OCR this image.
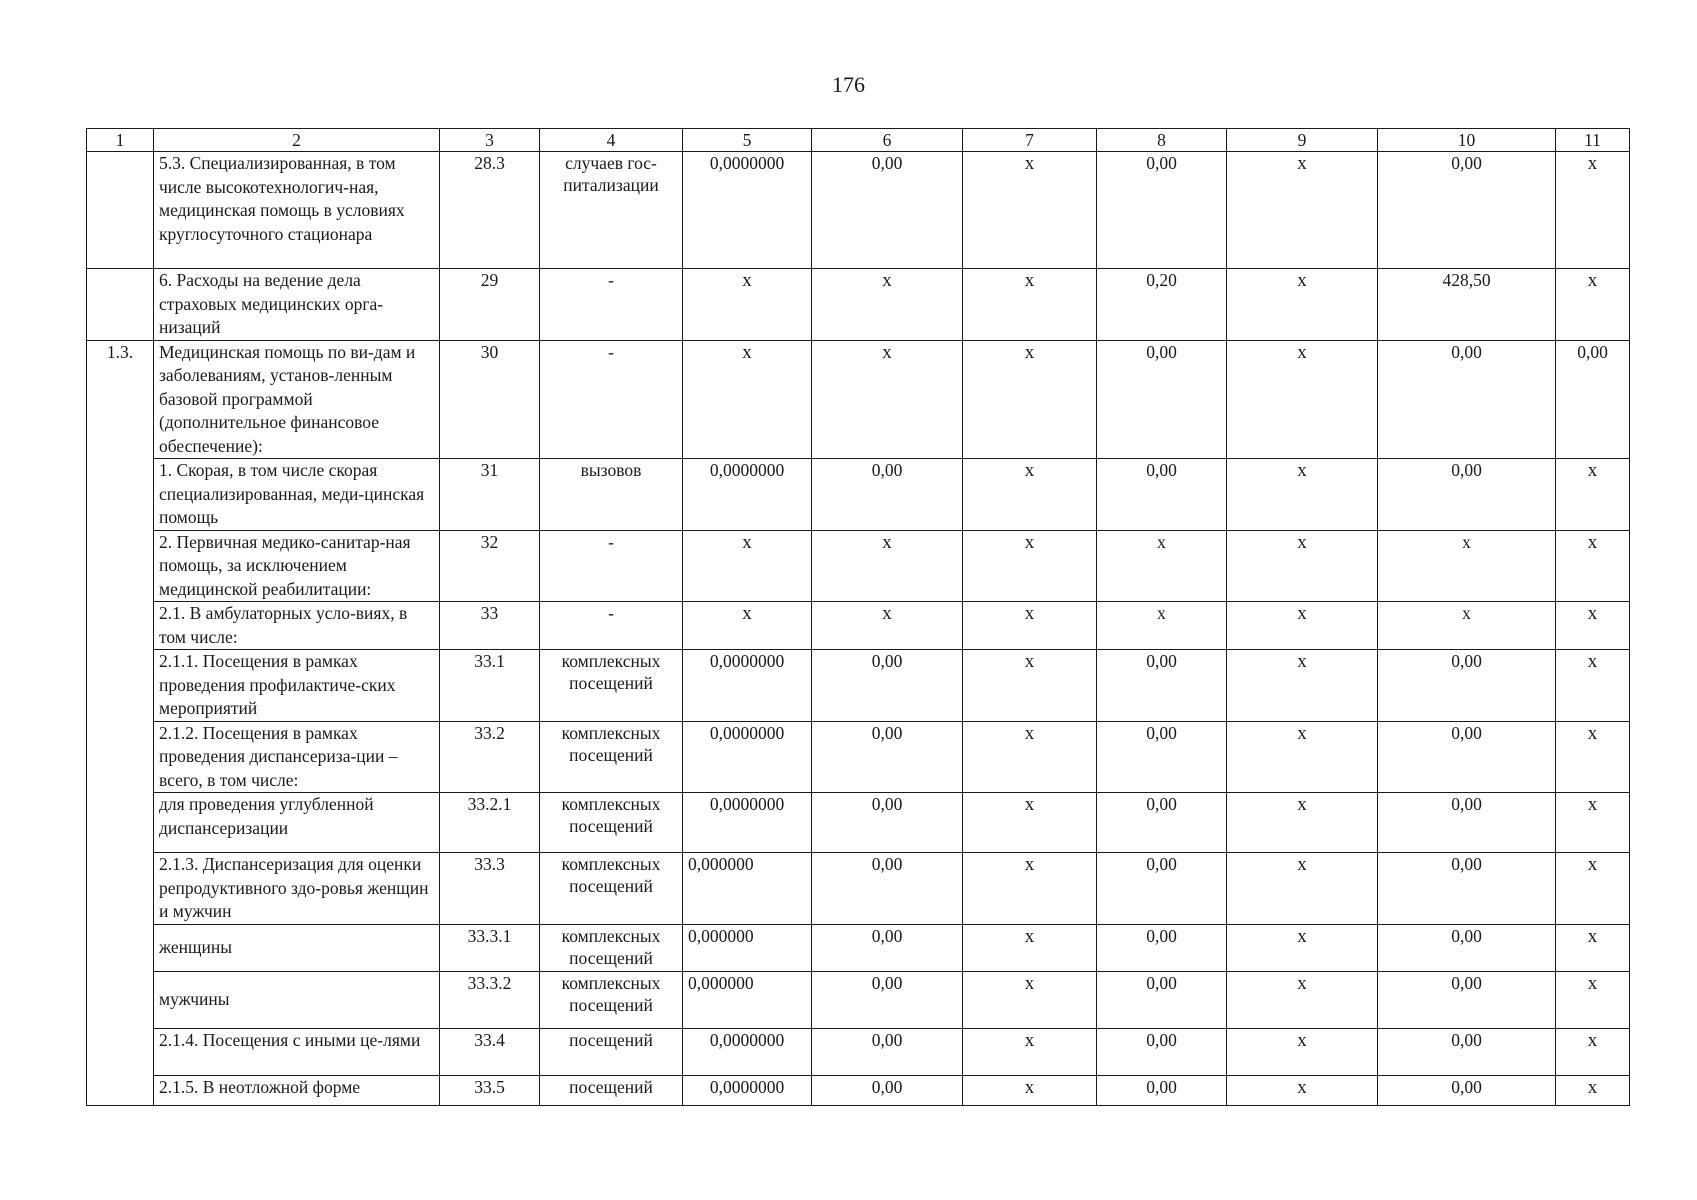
176
1	2	3	4	5	6	7	8	9	10	11
	5.3. Специализированная, в том числе высокотехнологич-ная, медицинская помощь в условиях круглосуточного стационара	28.3	случаев гос-питализации	0,0000000	0,00	x	0,00	x	0,00	x
	6. Расходы на ведение дела страховых медицинских орга-низаций	29	-	x	x	x	0,20	x	428,50	x
1.3.	Медицинская помощь по ви-дам и заболеваниям, установ-ленным базовой программой (дополнительное финансовое обеспечение):	30	-	x	x	x	0,00	x	0,00	0,00
	1. Скорая, в том числе скорая специализированная, меди-цинская помощь	31	вызовов	0,0000000	0,00	x	0,00	x	0,00	x
	2. Первичная медико-санитар-ная помощь, за исключением медицинской реабилитации:	32	-	x	x	x	x	x	x	x
	2.1. В амбулаторных усло-виях, в том числе:	33	-	x	x	x	x	x	x	x
	2.1.1. Посещения в рамках проведения профилактиче-ских мероприятий	33.1	комплексных посещений	0,0000000	0,00	x	0,00	x	0,00	x
	2.1.2. Посещения в рамках проведения диспансериза-ции – всего, в том числе:	33.2	комплексных посещений	0,0000000	0,00	x	0,00	x	0,00	x
	для проведения углубленной диспансеризации	33.2.1	комплексных посещений	0,0000000	0,00	x	0,00	x	0,00	x
	2.1.3. Диспансеризация для оценки репродуктивного здо-ровья женщин и мужчин	33.3	комплексных посещений	0,000000	0,00	x	0,00	x	0,00	x
	женщины	33.3.1	комплексных посещений	0,000000	0,00	x	0,00	x	0,00	x
	мужчины	33.3.2	комплексных посещений	0,000000	0,00	x	0,00	x	0,00	x
	2.1.4. Посещения с иными це-лями	33.4	посещений	0,0000000	0,00	x	0,00	x	0,00	x
	2.1.5. В неотложной форме	33.5	посещений	0,0000000	0,00	x	0,00	x	0,00	x
